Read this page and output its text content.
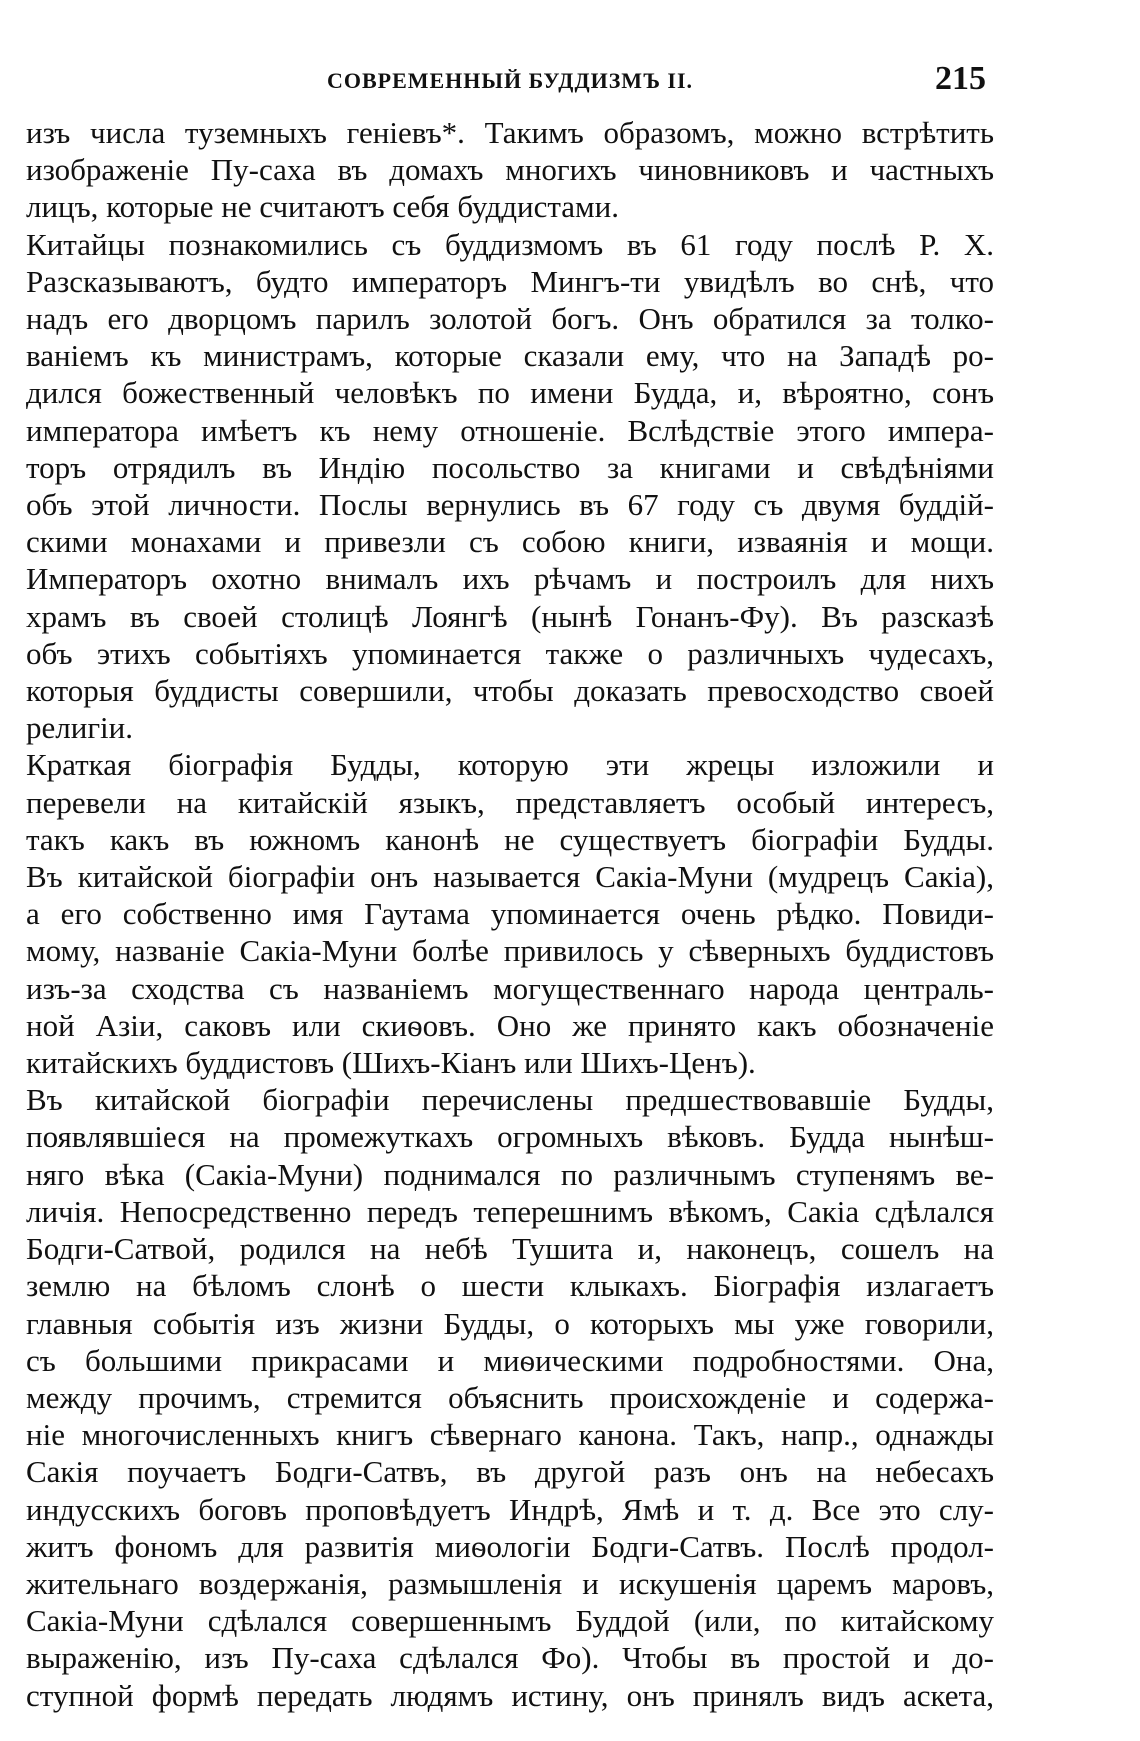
СОВРЕМЕННЫЙ БУДДИЗМЪ II.	215

изъ числа туземныхъ геніевъ*. Такимъ образомъ, можно встрѣтить

изображеніе Пу-саха въ домахъ многихъ чиновниковъ и частныхъ

лицъ, которые не считаютъ себя буддистами.

Китайцы познакомились съ буддизмомъ въ 61 году послѣ Р. Х.

Разсказываютъ, будто императоръ Мингъ-ти увидѣлъ во снѣ, что

надъ его дворцомъ парилъ золотой богъ. Онъ обратился за толко-

ваніемъ къ министрамъ, которые сказали ему, что на Западѣ ро-

дился божественный человѣкъ по имени Будда, и, вѣроятно, сонъ

императора имѣетъ къ нему отношеніе. Вслѣдствіе этого импера-

торъ отрядилъ въ Индію посольство за книгами и свѣдѣніями

объ этой личности. Послы вернулись въ 67 году съ двумя буддій-

скими монахами и привезли съ собою книги, изваянія и мощи.

Императоръ охотно внималъ ихъ рѣчамъ и построилъ для нихъ

храмъ въ своей столицѣ Лоянгѣ (нынѣ Гонанъ-Фу). Въ разсказѣ

объ этихъ событіяхъ упоминается также о различныхъ чудесахъ,

которыя буддисты совершили, чтобы доказать превосходство своей

религіи.

Краткая біографія Будды, которую эти жрецы изложили и

перевели на китайскій языкъ, представляетъ особый интересъ,

такъ какъ въ южномъ канонѣ не существуетъ біографіи Будды.

Въ китайской біографіи онъ называется Сакіа-Муни (мудрецъ Сакіа),

а его собственно имя Гаутама упоминается очень рѣдко. Повиди-

мому, названіе Сакіа-Муни болѣе привилось у сѣверныхъ буддистовъ

изъ-за сходства съ названіемъ могущественнаго народа централь-

ной Азіи, саковъ или скиѳовъ. Оно же принято какъ обозначеніе

китайскихъ буддистовъ (Шихъ-Кіанъ или Шихъ-Ценъ).

Въ китайской біографіи перечислены предшествовавшіе Будды,

появлявшіеся на промежуткахъ огромныхъ вѣковъ. Будда нынѣш-

няго вѣка (Сакіа-Муни) поднимался по различнымъ ступенямъ ве-

личія. Непосредственно передъ теперешнимъ вѣкомъ, Сакіа сдѣлался

Бодги-Сатвой, родился на небѣ Тушита и, наконецъ, сошелъ на

землю на бѣломъ слонѣ о шести клыкахъ. Біографія излагаетъ

главныя событія изъ жизни Будды, о которыхъ мы уже говорили,

съ большими прикрасами и миѳическими подробностями. Она,

между прочимъ, стремится объяснить происхожденіе и содержа-

ніе многочисленныхъ книгъ сѣвернаго канона. Такъ, напр., однажды

Сакія поучаетъ Бодги-Сатвъ, въ другой разъ онъ на небесахъ

индусскихъ боговъ проповѣдуетъ Индрѣ, Ямѣ и т. д. Все это слу-

житъ фономъ для развитія миѳологіи Бодги-Сатвъ. Послѣ продол-

жительнаго воздержанія, размышленія и искушенія царемъ маровъ,

Сакіа-Муни сдѣлался совершеннымъ Буддой (или, по китайскому

выраженію, изъ Пу-саха сдѣлался Фо). Чтобы въ простой и до-

ступной формѣ передать людямъ истину, онъ принялъ видъ аскета,
